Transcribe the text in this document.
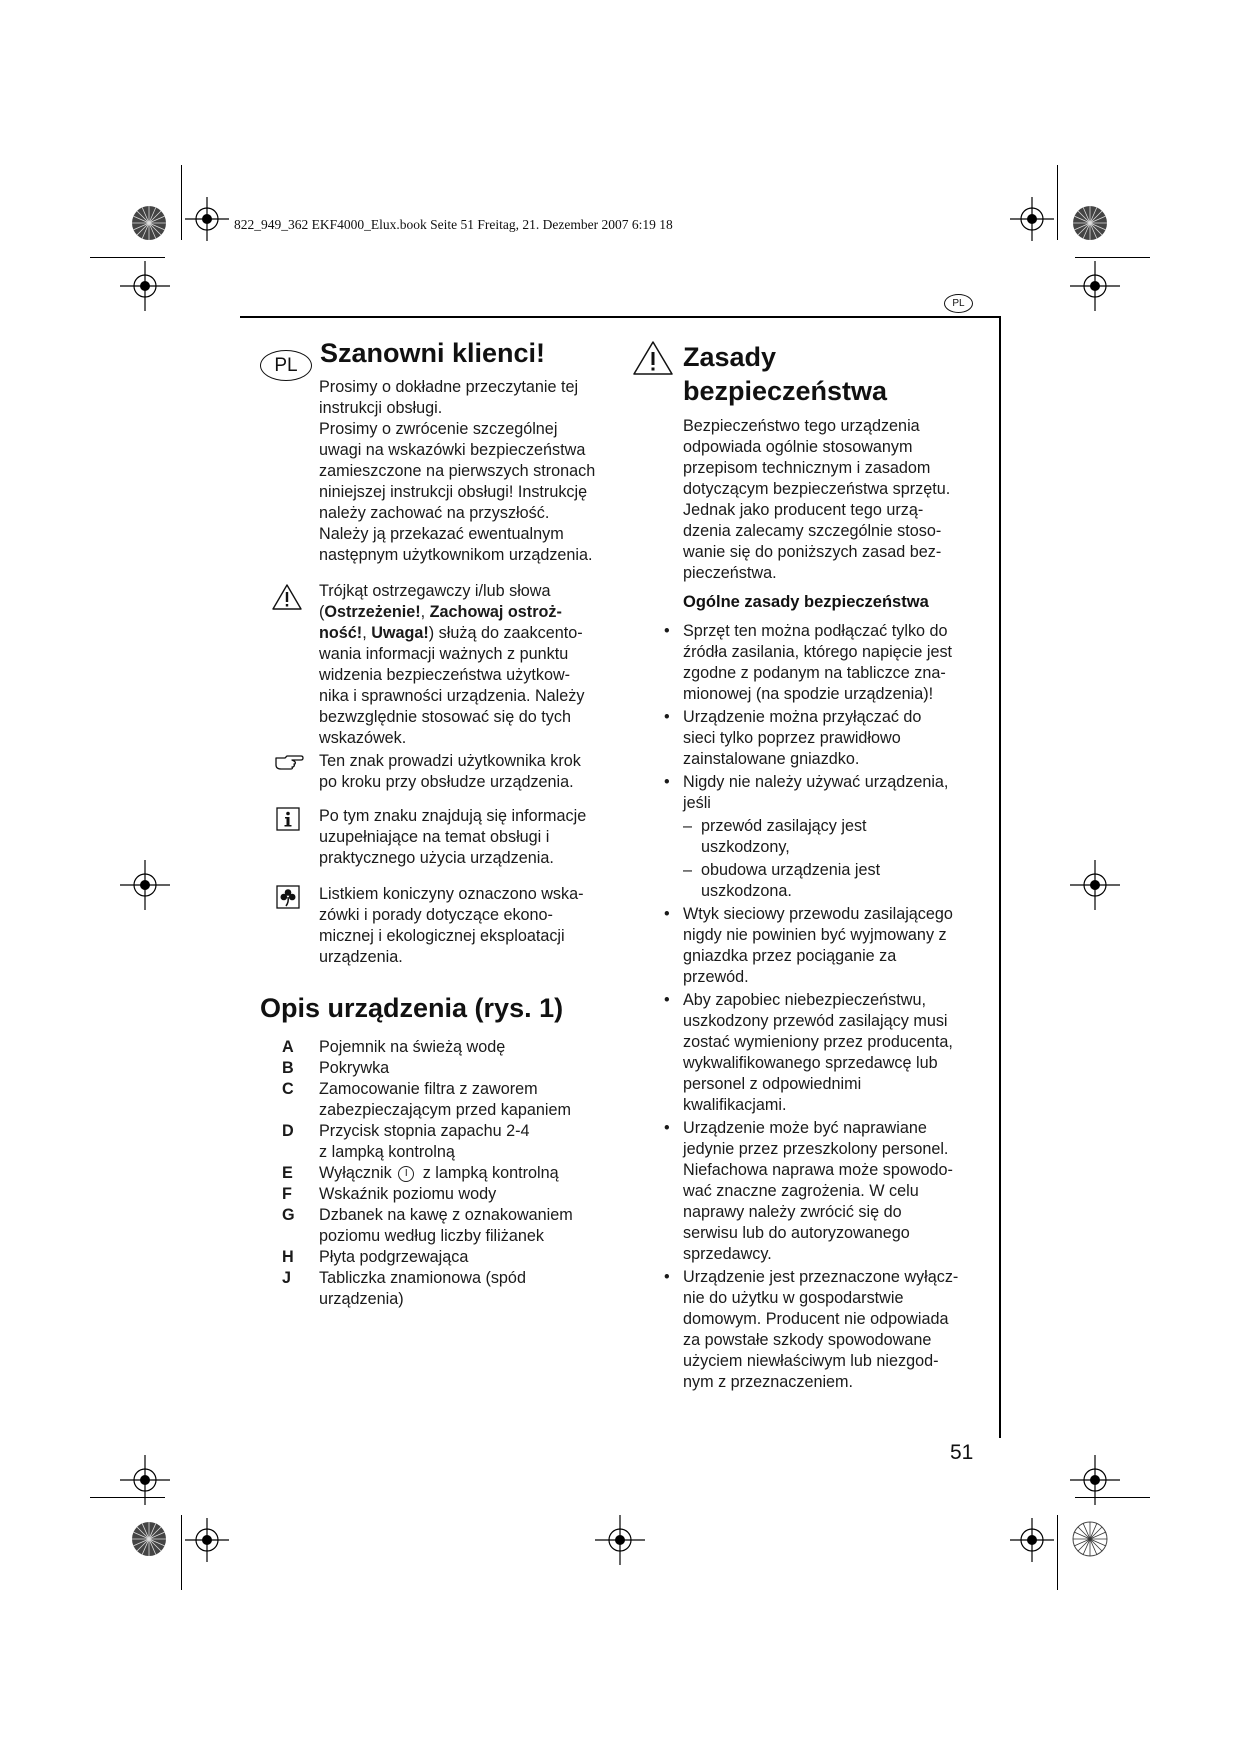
822_949_362 EKF4000_Elux.book Seite 51 Freitag, 21. Dezember 2007 6:19 18
PL
PL Szanowni klienci!
Prosimy o dokładne przeczytanie tej
instrukcji obsługi.
Prosimy o zwrócenie szczególnej
uwagi na wskazówki bezpieczeństwa
zamieszczone na pierwszych stronach
niniejszej instrukcji obsługi! Instrukcję
należy zachować na przyszłość.
Należy ją przekazać ewentualnym
następnym użytkownikom urządzenia.
Trójkąt ostrzegawczy i/lub słowa
(Ostrzeżenie!, Zachowaj ostroż-
ność!, Uwaga!) służą do zaakcento-
wania informacji ważnych z punktu
widzenia bezpieczeństwa użytkow-
nika i sprawności urządzenia. Należy
bezwzględnie stosować się do tych
wskazówek.
Ten znak prowadzi użytkownika krok
po kroku przy obsłudze urządzenia.
Po tym znaku znajdują się informacje
uzupełniające na temat obsługi i
praktycznego użycia urządzenia.
Listkiem koniczyny oznaczono wska-
zówki i porady dotyczące ekono-
micznej i ekologicznej eksploatacji
urządzenia.
Opis urządzenia (rys. 1)
A	Pojemnik na świeżą wodę
B	Pokrywka
C	Zamocowanie filtra z zaworem
zabezpieczającym przed kapaniem
D	Przycisk stopnia zapachu 2-4
z lampką kontrolną
E	Wyłącznik I z lampką kontrolną
F	Wskaźnik poziomu wody
G	Dzbanek na kawę z oznakowaniem
poziomu według liczby filiżanek
H	Płyta podgrzewająca
J	Tabliczka znamionowa (spód
urządzenia)
Zasady
bezpieczeństwa
Bezpieczeństwo tego urządzenia
odpowiada ogólnie stosowanym
przepisom technicznym i zasadom
dotyczącym bezpieczeństwa sprzętu.
Jednak jako producent tego urzą-
dzenia zalecamy szczególnie stoso-
wanie się do poniższych zasad bez-
pieczeństwa.
Ogólne zasady bezpieczeństwa
• Sprzęt ten można podłączać tylko do
źródła zasilania, którego napięcie jest
zgodne z podanym na tabliczce zna-
mionowej (na spodzie urządzenia)!
• Urządzenie można przyłączać do
sieci tylko poprzez prawidłowo
zainstalowane gniazdko.
• Nigdy nie należy używać urządzenia,
jeśli
– przewód zasilający jest
uszkodzony,
– obudowa urządzenia jest
uszkodzona.
• Wtyk sieciowy przewodu zasilającego
nigdy nie powinien być wyjmowany z
gniazdka przez pociąganie za
przewód.
• Aby zapobiec niebezpieczeństwu,
uszkodzony przewód zasilający musi
zostać wymieniony przez producenta,
wykwalifikowanego sprzedawcę lub
personel z odpowiednimi
kwalifikacjami.
• Urządzenie może być naprawiane
jedynie przez przeszkolony personel.
Niefachowa naprawa może spowodo-
wać znaczne zagrożenia. W celu
naprawy należy zwrócić się do
serwisu lub do autoryzowanego
sprzedawcy.
• Urządzenie jest przeznaczone wyłącz-
nie do użytku w gospodarstwie
domowym. Producent nie odpowiada
za powstałe szkody spowodowane
użyciem niewłaściwym lub niezgod-
nym z przeznaczeniem.
51
